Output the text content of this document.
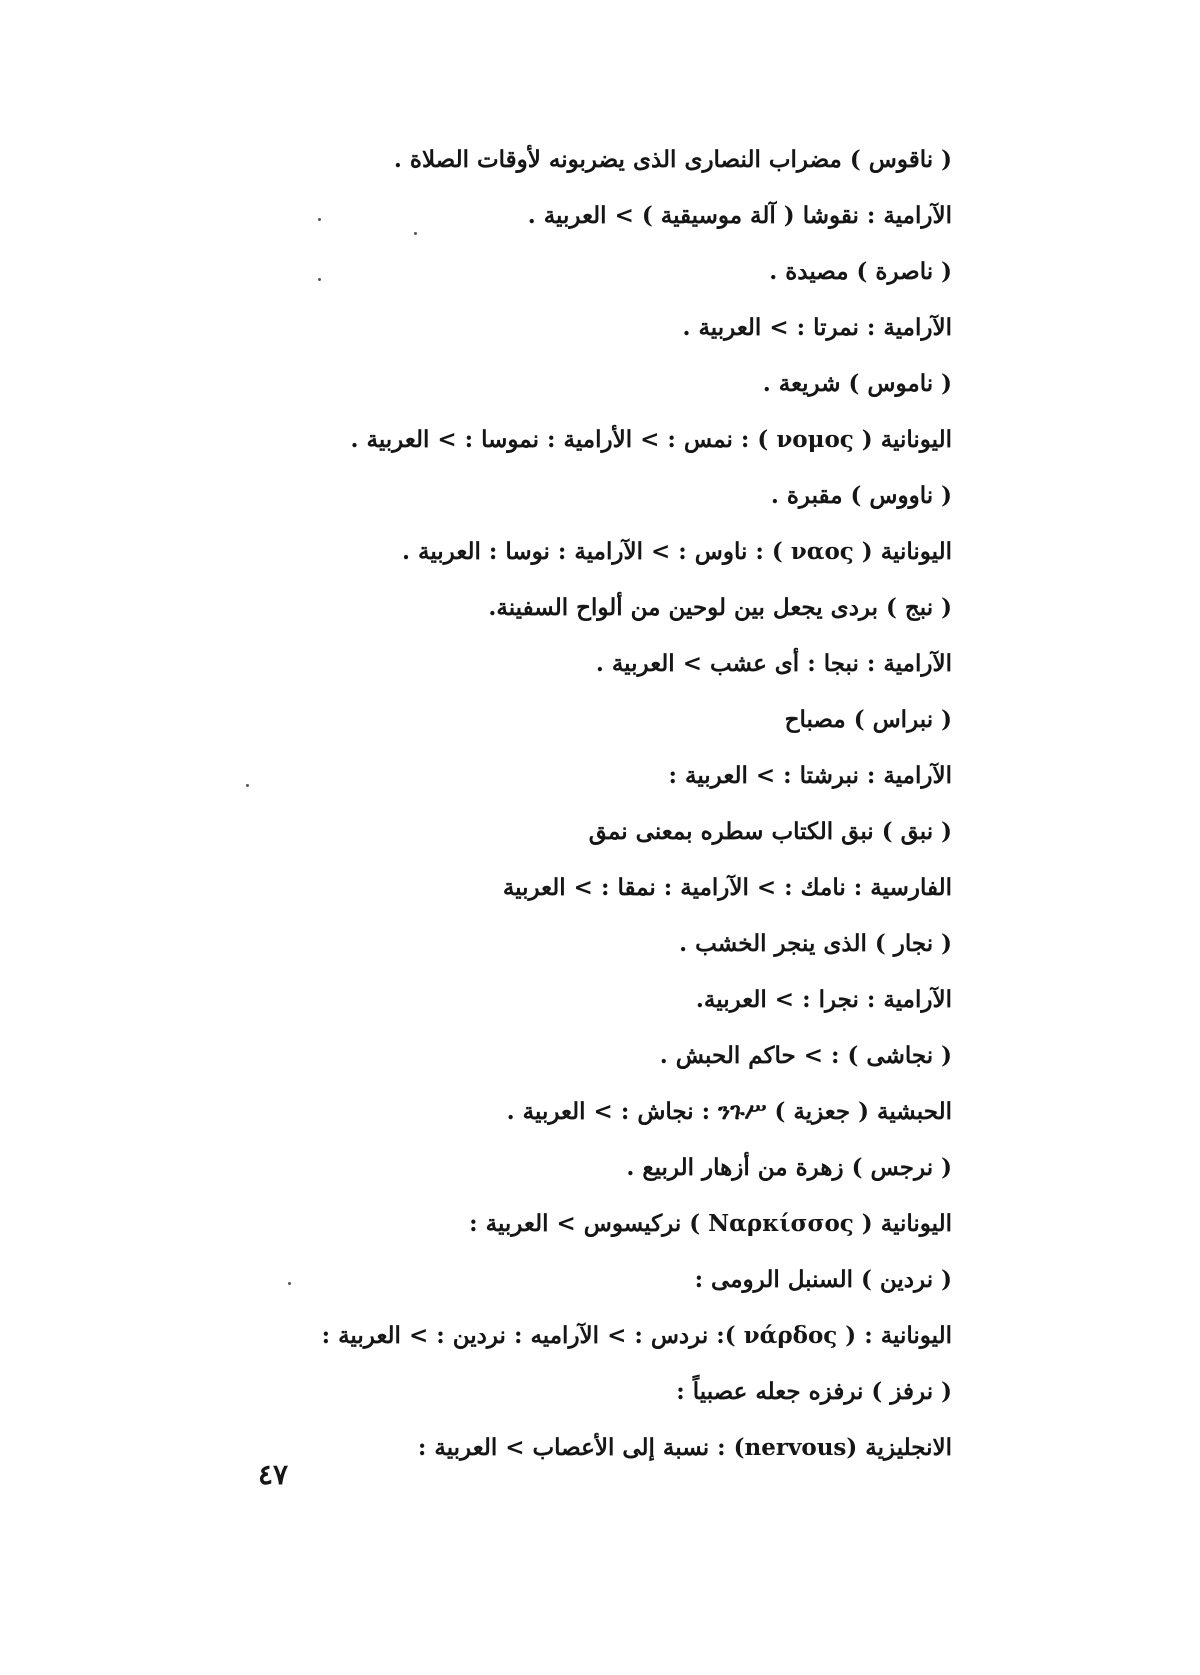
( ناقوس ) مضراب النصارى الذى يضربونه لأوقات الصلاة .
الآرامية : نقوشا ( آلة موسيقية ) > العربية .
( ناصرة ) مصيدة .
الآرامية : نمرتا : > العربية .
( ناموس ) شريعة .
اليونانية ( νομος ) : نمس : > الأرامية : نموسا : > العربية .
( ناووس ) مقبرة .
اليونانية ( ναος ) : ناوس : > الآرامية : نوسا : العربية .
( نبج ) بردى يجعل بين لوحين من ألواح السفينة.
الآرامية : نبجا : أى عشب > العربية .
( نبراس ) مصباح
الآرامية : نبرشتا : > العربية :
( نبق ) نبق الكتاب سطره بمعنى نمق
الفارسية : نامك : > الآرامية : نمقا : > العربية
( نجار ) الذى ينجر الخشب .
الآرامية : نجرا : > العربية.
( نجاشى ) : > حاكم الحبش .
الحبشية ( جعزية ) ንጉሥ : نجاش : > العربية .
( نرجس ) زهرة من أزهار الربيع .
اليونانية ( Ναρκίσσος ) نركيسوس > العربية :
( نردين ) السنبل الرومى :
اليونانية : ( νάρδος ): نردس : > الآراميه : نردين : > العربية :
( نرفز ) نرفزه جعله عصبياً :
الانجليزية (nervous) : نسبة إلى الأعصاب > العربية :
٤٧
